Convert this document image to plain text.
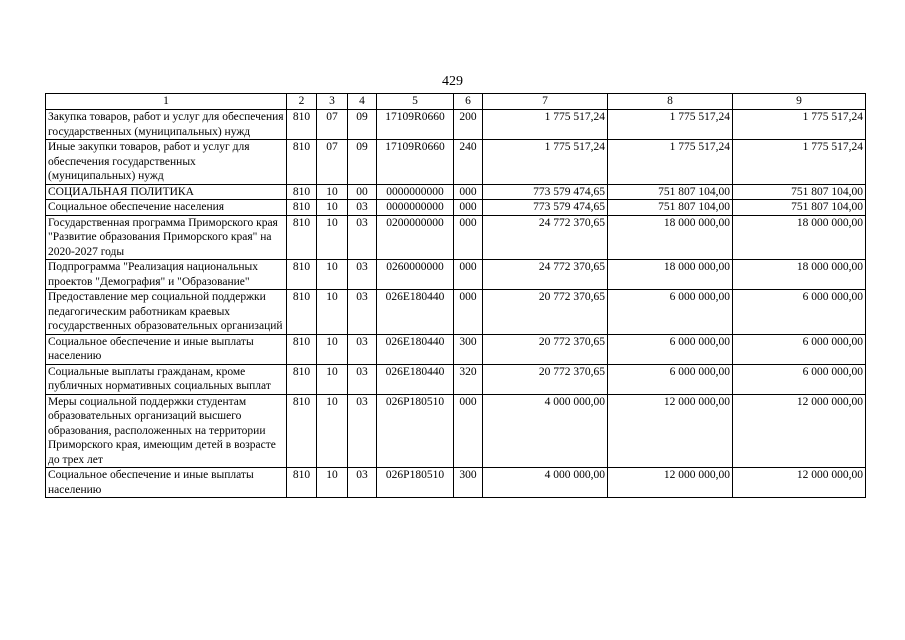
429
1	2	3	4	5	6	7	8	9
Закупка товаров, работ и услуг для обеспечения государственных (муниципальных) нужд	810	07	09	17109R0660	200	1 775 517,24	1 775 517,24	1 775 517,24
Иные закупки товаров, работ и услуг для обеспечения государственных (муниципальных) нужд	810	07	09	17109R0660	240	1 775 517,24	1 775 517,24	1 775 517,24
СОЦИАЛЬНАЯ ПОЛИТИКА	810	10	00	0000000000	000	773 579 474,65	751 807 104,00	751 807 104,00
Социальное обеспечение населения	810	10	03	0000000000	000	773 579 474,65	751 807 104,00	751 807 104,00
Государственная программа Приморского края "Развитие образования Приморского края" на 2020-2027 годы	810	10	03	0200000000	000	24 772 370,65	18 000 000,00	18 000 000,00
Подпрограмма "Реализация национальных проектов "Демография" и "Образование"	810	10	03	0260000000	000	24 772 370,65	18 000 000,00	18 000 000,00
Предоставление мер социальной поддержки педагогическим работникам краевых государственных образовательных организаций	810	10	03	026Е180440	000	20 772 370,65	6 000 000,00	6 000 000,00
Социальное обеспечение и иные выплаты населению	810	10	03	026Е180440	300	20 772 370,65	6 000 000,00	6 000 000,00
Социальные выплаты гражданам, кроме публичных нормативных социальных выплат	810	10	03	026Е180440	320	20 772 370,65	6 000 000,00	6 000 000,00
Меры социальной поддержки студентам образовательных организаций высшего образования, расположенных на территории Приморского края, имеющим детей в возрасте до трех лет	810	10	03	026Р180510	000	4 000 000,00	12 000 000,00	12 000 000,00
Социальное обеспечение и иные выплаты населению	810	10	03	026Р180510	300	4 000 000,00	12 000 000,00	12 000 000,00
